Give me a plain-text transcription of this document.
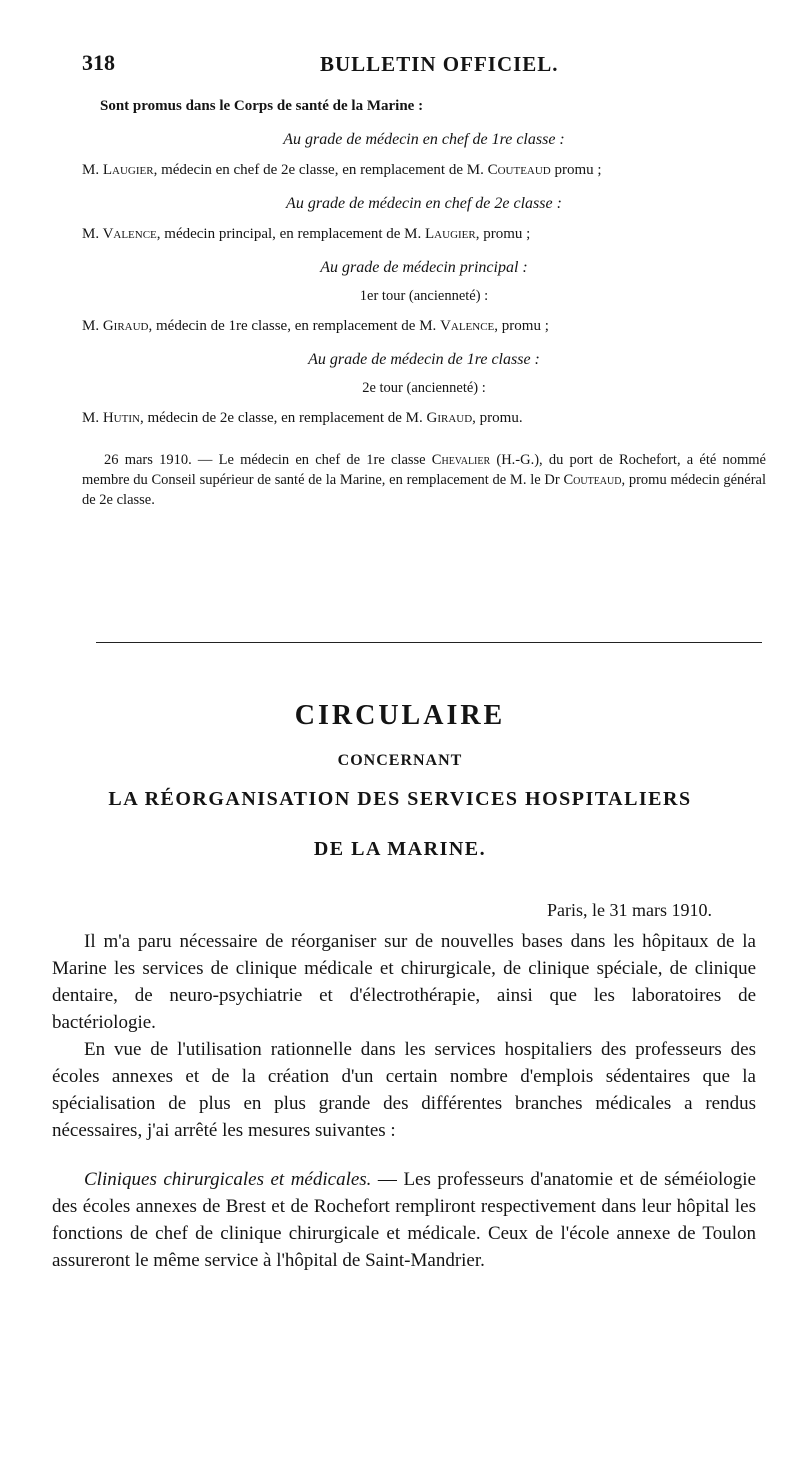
318	BULLETIN OFFICIEL.

Sont promus dans le Corps de santé de la Marine :

Au grade de médecin en chef de 1re classe :

M. Laugier, médecin en chef de 2e classe, en remplacement de M. Couteaud promu ;

Au grade de médecin en chef de 2e classe :

M. Valence, médecin principal, en remplacement de M. Laugier, promu ;

Au grade de médecin principal :
1er tour (ancienneté) :

M. Giraud, médecin de 1re classe, en remplacement de M. Valence, promu ;

Au grade de médecin de 1re classe :
2e tour (ancienneté) :

M. Hutin, médecin de 2e classe, en remplacement de M. Giraud, promu.

26 mars 1910. — Le médecin en chef de 1re classe Chevalier (H.-G.), du port de Rochefort, a été nommé membre du Conseil supérieur de santé de la Marine, en remplacement de M. le Dr Couteaud, promu médecin général de 2e classe.

CIRCULAIRE
CONCERNANT
LA RÉORGANISATION DES SERVICES HOSPITALIERS
DE LA MARINE.
Paris, le 31 mars 1910.

Il m'a paru nécessaire de réorganiser sur de nouvelles bases dans les hôpitaux de la Marine les services de clinique médicale et chirurgicale, de clinique spéciale, de clinique dentaire, de neuro-psychiatrie et d'électrothérapie, ainsi que les laboratoires de bactériologie.

En vue de l'utilisation rationnelle dans les services hospitaliers des professeurs des écoles annexes et de la création d'un certain nombre d'emplois sédentaires que la spécialisation de plus en plus grande des différentes branches médicales a rendus nécessaires, j'ai arrêté les mesures suivantes :

Cliniques chirurgicales et médicales. — Les professeurs d'anatomie et de séméiologie des écoles annexes de Brest et de Rochefort rempliront respectivement dans leur hôpital les fonctions de chef de clinique chirurgicale et médicale. Ceux de l'école annexe de Toulon assureront le même service à l'hôpital de Saint-Mandrier.
